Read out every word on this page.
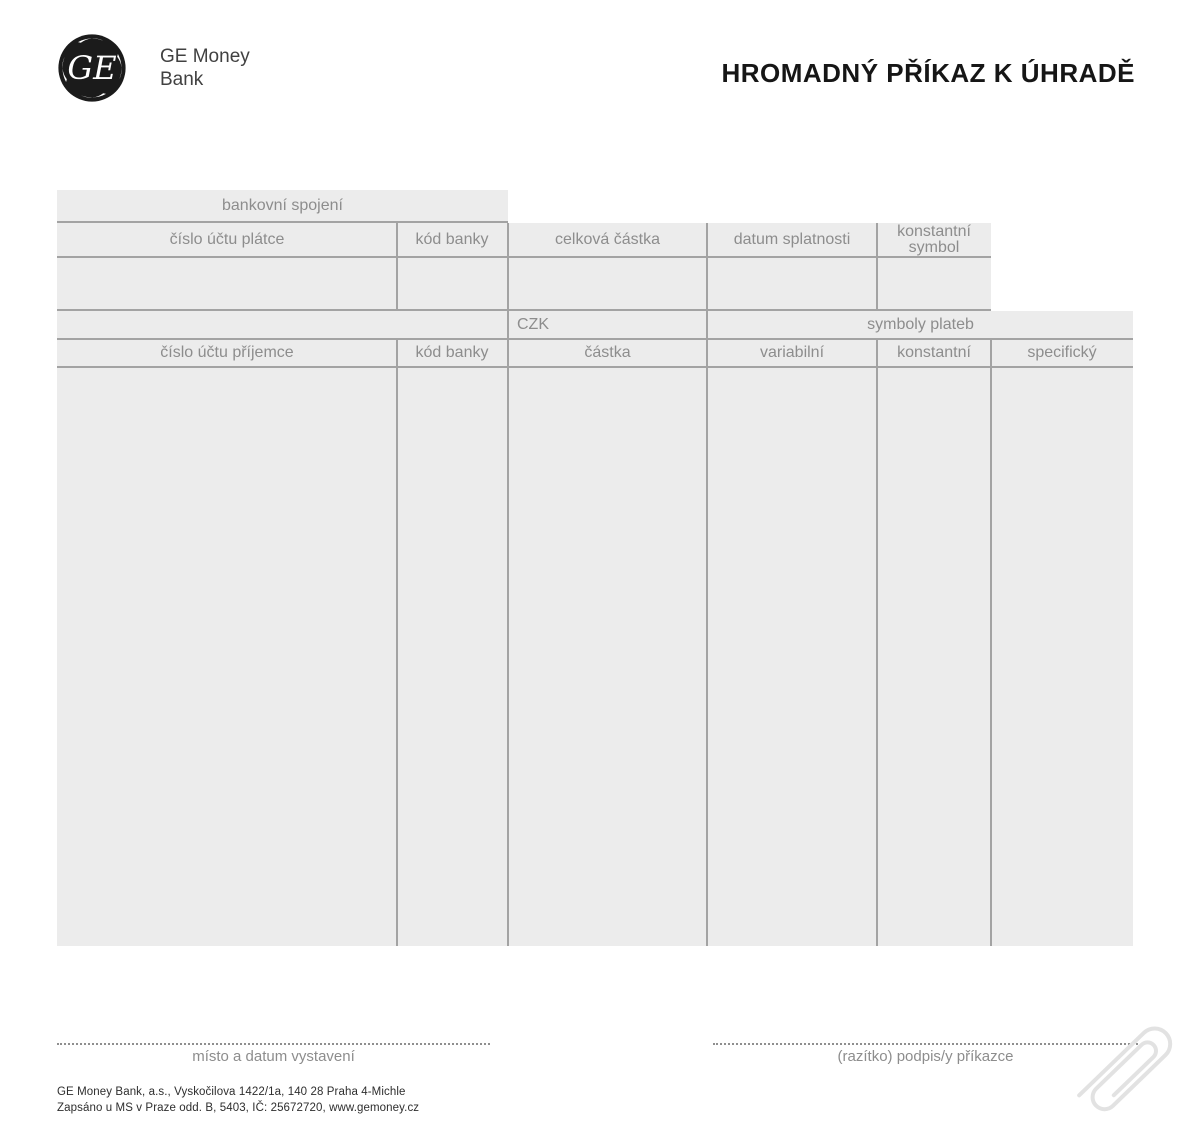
GE GE Money
Bank	HROMADNÝ PŘÍKAZ K ÚHRADĚ
bankovní spojení
číslo účtu plátce	kód banky	celková částka	datum splatnosti	konstantní symbol
CZK	symboly plateb
číslo účtu příjemce	kód banky	částka	variabilní	konstantní	specifický
místo a datum vystavení	(razítko) podpis/y příkazce
GE Money Bank, a.s., Vyskočilova 1422/1a, 140 28 Praha 4-Michle
Zapsáno u MS v Praze odd. B, 5403, IČ: 25672720, www.gemoney.cz
